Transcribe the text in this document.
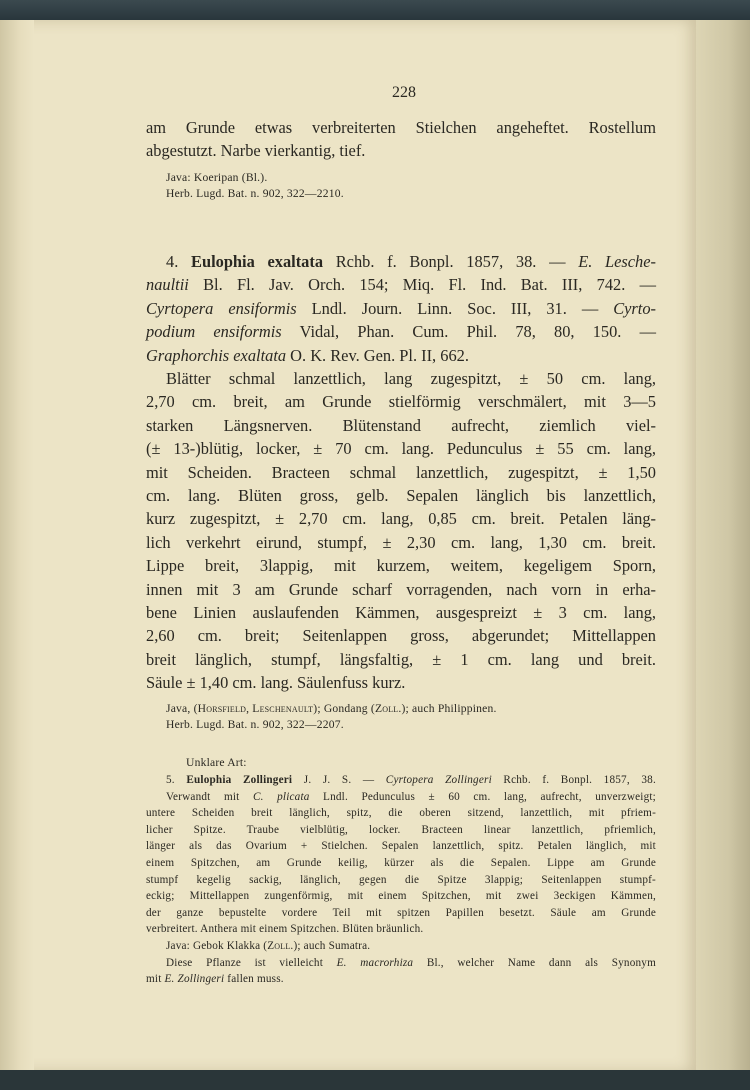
228
am Grunde etwas verbreiterten Stielchen angeheftet. Rostellum
abgestutzt. Narbe vierkantig, tief.
Java: Koeripan (Bl.).
Herb. Lugd. Bat. n. 902, 322—2210.
4. Eulophia exaltata Rchb. f. Bonpl. 1857, 38. — E. Lesche-
naultii Bl. Fl. Jav. Orch. 154; Miq. Fl. Ind. Bat. III, 742. —
Cyrtopera ensiformis Lndl. Journ. Linn. Soc. III, 31. — Cyrto-
podium ensiformis Vidal, Phan. Cum. Phil. 78, 80, 150. —
Graphorchis exaltata O. K. Rev. Gen. Pl. II, 662.
Blätter schmal lanzettlich, lang zugespitzt, ± 50 cm. lang,
2,70 cm. breit, am Grunde stielförmig verschmälert, mit 3—5
starken Längsnerven. Blütenstand aufrecht, ziemlich viel-
(± 13-)blütig, locker, ± 70 cm. lang. Pedunculus ± 55 cm. lang,
mit Scheiden. Bracteen schmal lanzettlich, zugespitzt, ± 1,50
cm. lang. Blüten gross, gelb. Sepalen länglich bis lanzettlich,
kurz zugespitzt, ± 2,70 cm. lang, 0,85 cm. breit. Petalen läng-
lich verkehrt eirund, stumpf, ± 2,30 cm. lang, 1,30 cm. breit.
Lippe breit, 3lappig, mit kurzem, weitem, kegeligem Sporn,
innen mit 3 am Grunde scharf vorragenden, nach vorn in erha-
bene Linien auslaufenden Kämmen, ausgespreizt ± 3 cm. lang,
2,60 cm. breit; Seitenlappen gross, abgerundet; Mittellappen
breit länglich, stumpf, längsfaltig, ± 1 cm. lang und breit.
Säule ± 1,40 cm. lang. Säulenfuss kurz.
Java, (Horsfield, Leschenault); Gondang (Zoll.); auch Philippinen.
Herb. Lugd. Bat. n. 902, 322—2207.
Unklare Art:
5. Eulophia Zollingeri J. J. S. — Cyrtopera Zollingeri Rchb. f. Bonpl. 1857, 38.
Verwandt mit C. plicata Lndl. Pedunculus ± 60 cm. lang, aufrecht, unverzweigt;
untere Scheiden breit länglich, spitz, die oberen sitzend, lanzettlich, mit pfriem-
licher Spitze. Traube vielblütig, locker. Bracteen linear lanzettlich, pfriemlich,
länger als das Ovarium + Stielchen. Sepalen lanzettlich, spitz. Petalen länglich, mit
einem Spitzchen, am Grunde keilig, kürzer als die Sepalen. Lippe am Grunde
stumpf kegelig sackig, länglich, gegen die Spitze 3lappig; Seitenlappen stumpf-
eckig; Mittellappen zungenförmig, mit einem Spitzchen, mit zwei 3eckigen Kämmen,
der ganze bepustelte vordere Teil mit spitzen Papillen besetzt. Säule am Grunde
verbreitert. Anthera mit einem Spitzchen. Blüten bräunlich.
Java: Gebok Klakka (Zoll.); auch Sumatra.
Diese Pflanze ist vielleicht E. macrorhiza Bl., welcher Name dann als Synonym
mit E. Zollingeri fallen muss.
